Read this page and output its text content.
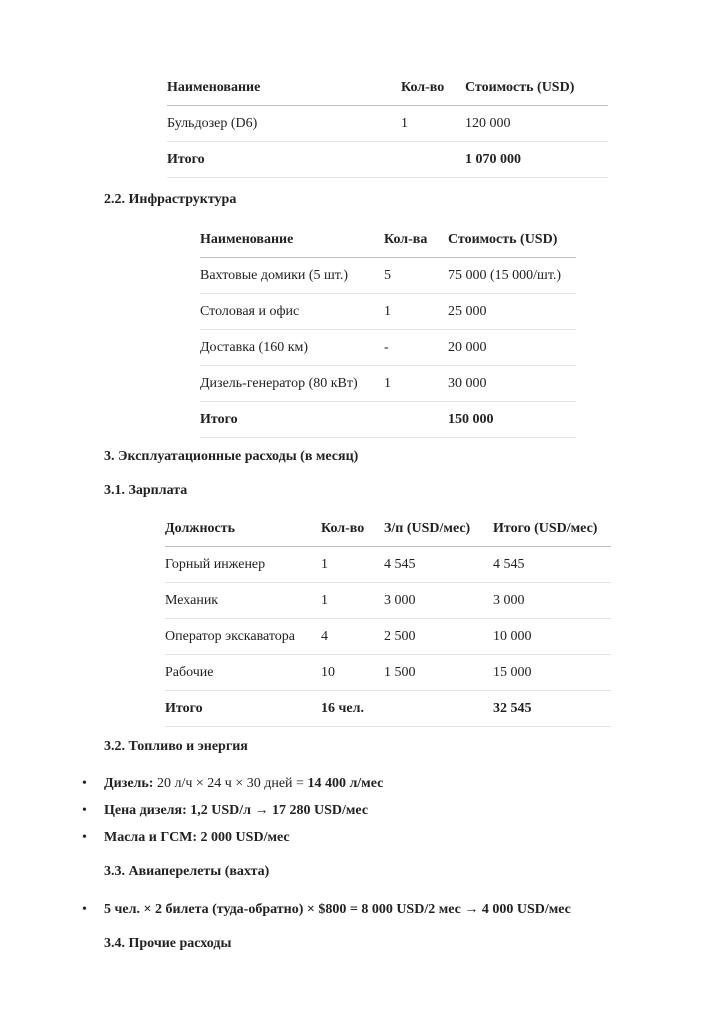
Наименование	Кол-во	Стоимость (USD)
Бульдозер (D6)	1	120 000
Итого		1 070 000
2.2. Инфраструктура
Наименование	Кол-ва	Стоимость (USD)
Вахтовые домики (5 шт.)	5	75 000 (15 000/шт.)
Столовая и офис	1	25 000
Доставка (160 км)	-	20 000
Дизель-генератор (80 кВт)	1	30 000
Итого		150 000
3. Эксплуатационные расходы (в месяц)
3.1. Зарплата
Должность	Кол-во	З/п (USD/мес)	Итого (USD/мес)
Горный инженер	1	4 545	4 545
Механик	1	3 000	3 000
Оператор экскаватора	4	2 500	10 000
Рабочие	10	1 500	15 000
Итого	16 чел.		32 545
3.2. Топливо и энергия
• Дизель: 20 л/ч × 24 ч × 30 дней = 14 400 л/мес
• Цена дизеля: 1,2 USD/л → 17 280 USD/мес
• Масла и ГСМ: 2 000 USD/мес
3.3. Авиаперелеты (вахта)
• 5 чел. × 2 билета (туда-обратно) × $800 = 8 000 USD/2 мес → 4 000 USD/мес
3.4. Прочие расходы
